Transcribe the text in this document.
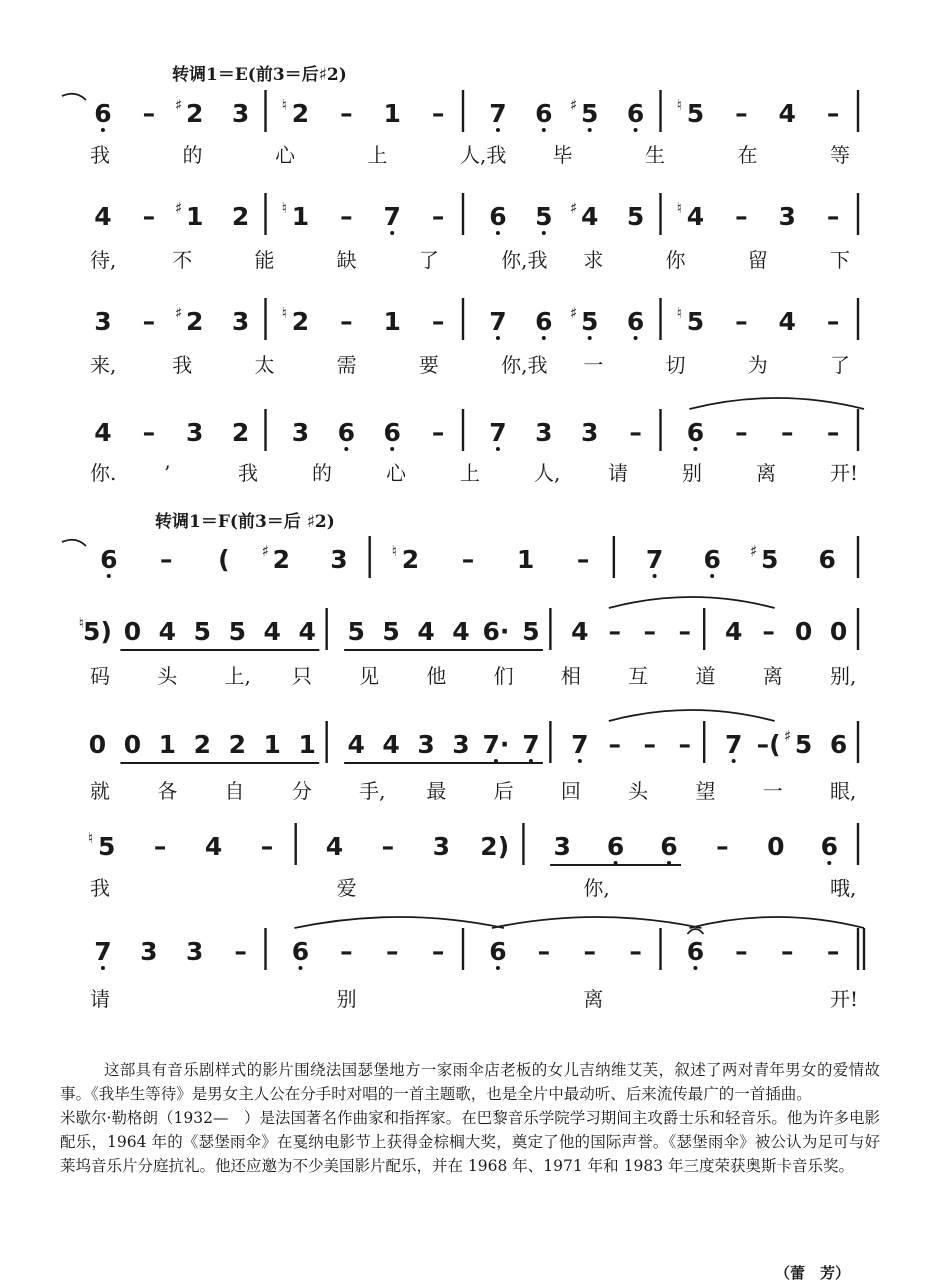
转调1＝E(前3＝后♯2)
转调1＝F(前3＝后 ♯2)
6 – ♯ 2 3 ♮ 2 – 1 – 7 6 ♯ 5 6 ♮ 5 – 4 –
我	的	心	上	人,我 毕	生	在	等
4 – ♯ 1 2 ♮ 1 – 7 – 6 5 ♯ 4 5 ♮ 4 – 3 –
待,	不	能	缺	了	你,我 求	你	留	下
3 – ♯ 2 3 ♮ 2 – 1 – 7 6 ♯ 5 6 ♮ 5 – 4 –
来,	我	太	需	要	你,我 一	切	为	了
4 – 3 2 3 6 6 – 7 3 3 – 6 – – –
你. ’	我	的	心	上	人, 请	别	离	开!
6 – ( ♯ 2 3	♮ 2 – 1 – 7 6 ♯ 5 6
♮
5) 0 4 5 5 4 4 5 5 4 4 6· 5 4 – – – 4 – 0 0
码 头 上, 只 见 他 们 相 互 道 离 别,
0 0 1 2 2 1 1 4 4 3 3 7· 7 7 – – – 7 –( ♯ 5 6
就 各 自 分 手, 最 后 回 头 望 一 眼,
♮ 5 – 4 – 4 – 3 2) 3 6 6 – 0 6
我	爱	你,	哦,
7 3 3 – 6 – – – 6 – – – 6 – – –
请	别	离	开!

这部具有音乐剧样式的影片围绕法国瑟堡地方一家雨伞店老板的女儿吉纳维艾芙，叙述了两对青年男女的爱情故事。《我毕生等待》是男女主人公在分手时对唱的一首主题歌，也是全片中最动听、后来流传最广的一首插曲。

米歇尔·勒格朗（1932—　）是法国著名作曲家和指挥家。在巴黎音乐学院学习期间主攻爵士乐和轻音乐。他为许多电影配乐，1964 年的《瑟堡雨伞》在戛纳电影节上获得金棕榈大奖，奠定了他的国际声誉。《瑟堡雨伞》被公认为足可与好莱坞音乐片分庭抗礼。他还应邀为不少美国影片配乐，并在 1968 年、1971 年和 1983 年三度荣获奥斯卡音乐奖。

（蕾　芳）
